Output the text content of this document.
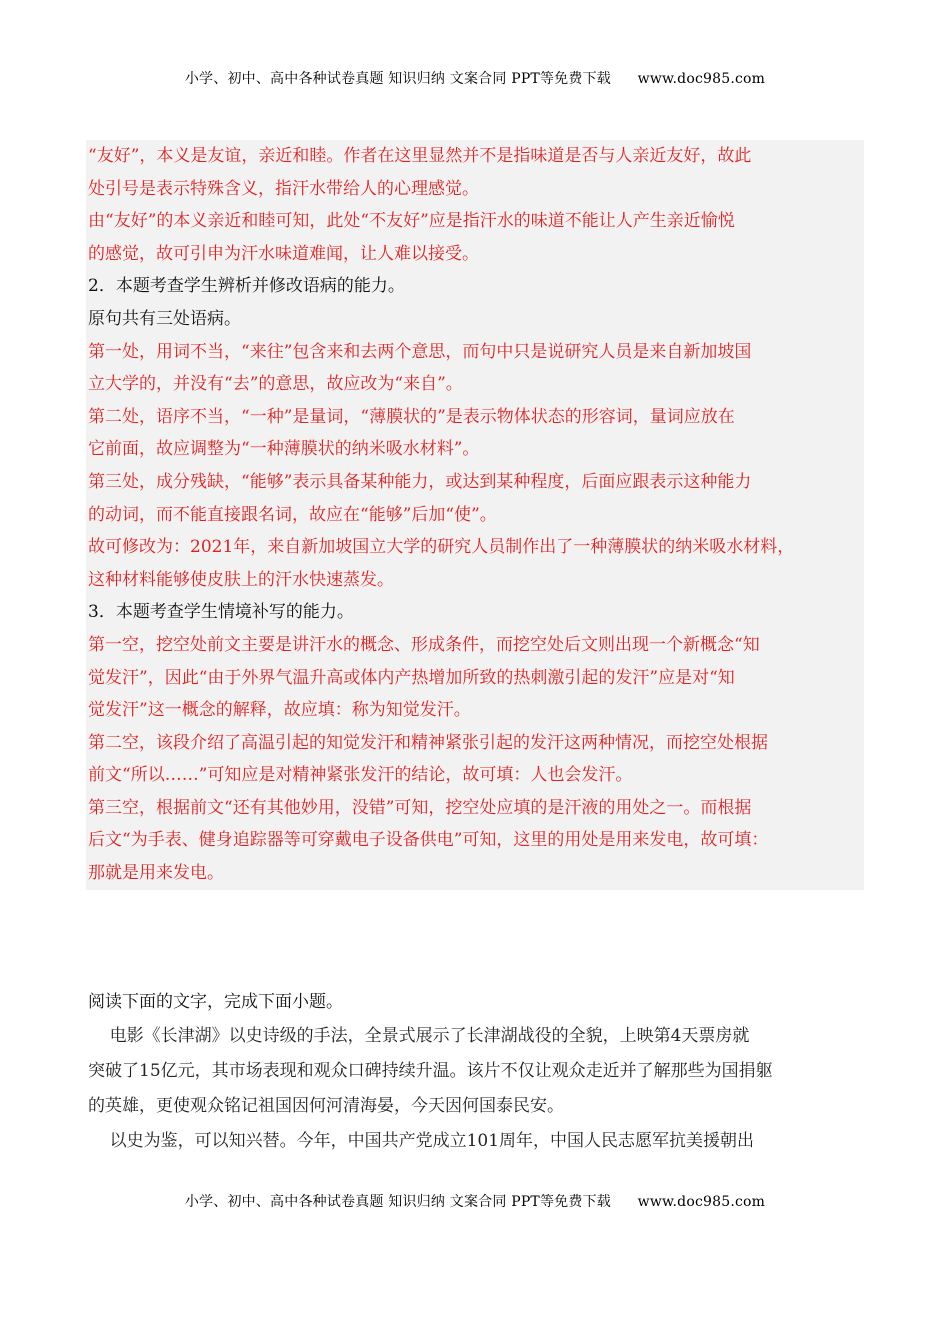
小学、初中、高中各种试卷真题 知识归纳 文案合同 PPT等免费下载 www.doc985.com
“友好”，本义是友谊，亲近和睦。作者在这里显然并不是指味道是否与人亲近友好，故此
处引号是表示特殊含义，指汗水带给人的心理感觉。
由“友好”的本义亲近和睦可知，此处“不友好”应是指汗水的味道不能让人产生亲近愉悦
的感觉，故可引申为汗水味道难闻，让人难以接受。
2．本题考查学生辨析并修改语病的能力。
原句共有三处语病。
第一处，用词不当，“来往”包含来和去两个意思，而句中只是说研究人员是来自新加坡国
立大学的，并没有“去”的意思，故应改为“来自”。
第二处，语序不当，“一种”是量词，“薄膜状的”是表示物体状态的形容词，量词应放在
它前面，故应调整为“一种薄膜状的纳米吸水材料”。
第三处，成分残缺，“能够”表示具备某种能力，或达到某种程度，后面应跟表示这种能力
的动词，而不能直接跟名词，故应在“能够”后加“使”。
故可修改为：2021年，来自新加坡国立大学的研究人员制作出了一种薄膜状的纳米吸水材料，
这种材料能够使皮肤上的汗水快速蒸发。
3．本题考查学生情境补写的能力。
第一空，挖空处前文主要是讲汗水的概念、形成条件，而挖空处后文则出现一个新概念“知
觉发汗”，因此“由于外界气温升高或体内产热增加所致的热刺激引起的发汗”应是对“知
觉发汗”这一概念的解释，故应填：称为知觉发汗。
第二空，该段介绍了高温引起的知觉发汗和精神紧张引起的发汗这两种情况，而挖空处根据
前文“所以……”可知应是对精神紧张发汗的结论，故可填：人也会发汗。
第三空，根据前文“还有其他妙用，没错”可知，挖空处应填的是汗液的用处之一。而根据
后文“为手表、健身追踪器等可穿戴电子设备供电”可知，这里的用处是用来发电，故可填：
那就是用来发电。
阅读下面的文字，完成下面小题。
电影《长津湖》以史诗级的手法，全景式展示了长津湖战役的全貌，上映第4天票房就
突破了15亿元，其市场表现和观众口碑持续升温。该片不仅让观众走近并了解那些为国捐躯
的英雄，更使观众铭记祖国因何河清海晏，今天因何国泰民安。
以史为鉴，可以知兴替。今年，中国共产党成立101周年，中国人民志愿军抗美援朝出
小学、初中、高中各种试卷真题 知识归纳 文案合同 PPT等免费下载 www.doc985.com
